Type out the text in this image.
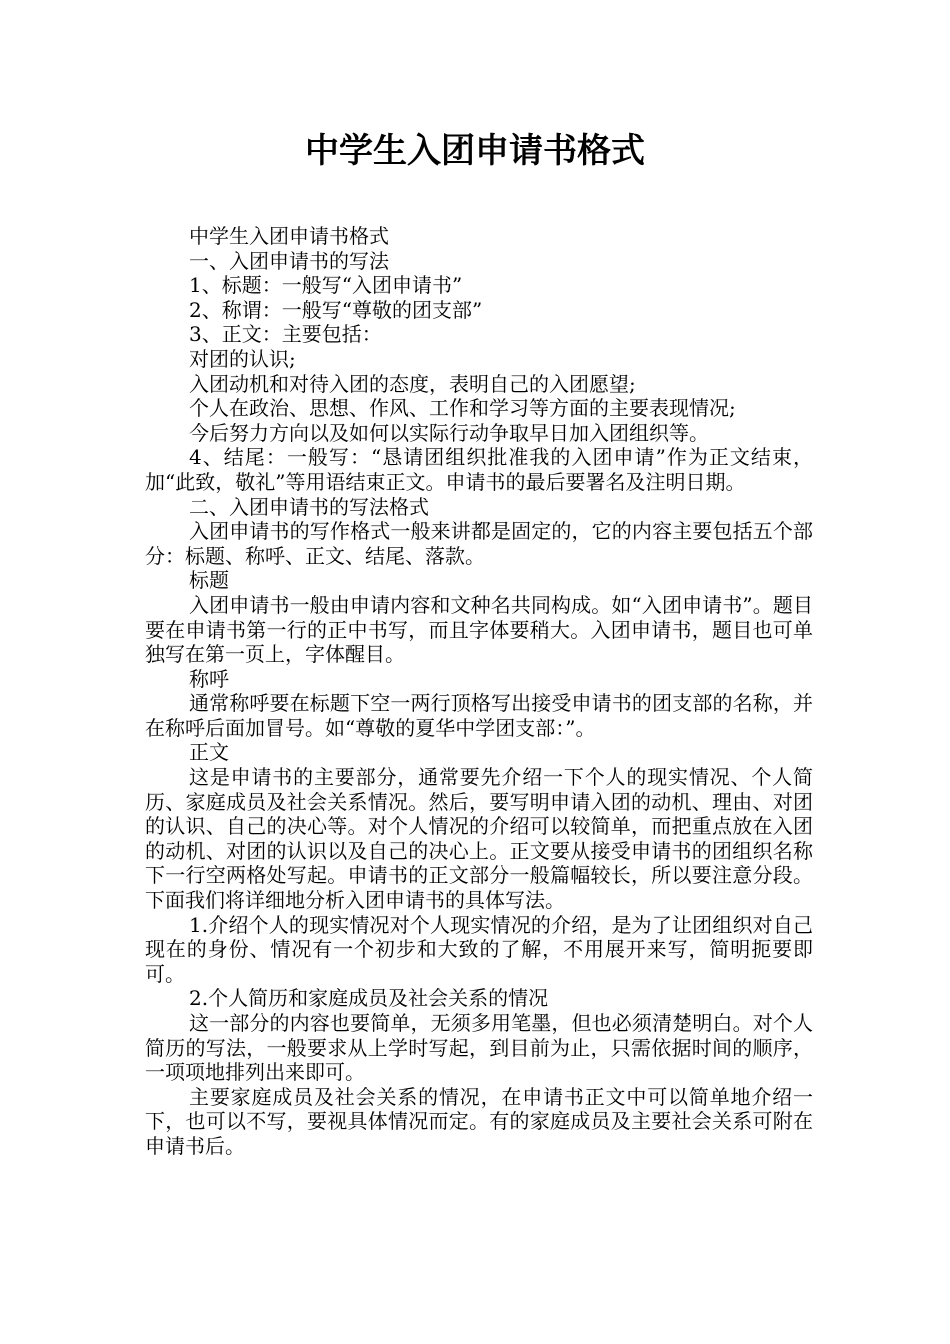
中学生入团申请书格式

中学生入团申请书格式

一、入团申请书的写法

1、标题：一般写“入团申请书”

2、称谓：一般写“尊敬的团支部”

3、正文：主要包括：

对团的认识;

入团动机和对待入团的态度，表明自己的入团愿望;

个人在政治、思想、作风、工作和学习等方面的主要表现情况;

今后努力方向以及如何以实际行动争取早日加入团组织等。

4、结尾：一般写：“恳请团组织批准我的入团申请”作为正文结束，加“此致，敬礼”等用语结束正文。申请书的最后要署名及注明日期。

二、入团申请书的写法格式

入团申请书的写作格式一般来讲都是固定的，它的内容主要包括五个部分：标题、称呼、正文、结尾、落款。

标题

入团申请书一般由申请内容和文种名共同构成。如“入团申请书”。题目要在申请书第一行的正中书写，而且字体要稍大。入团申请书，题目也可单独写在第一页上，字体醒目。

称呼

通常称呼要在标题下空一两行顶格写出接受申请书的团支部的名称，并在称呼后面加冒号。如“尊敬的夏华中学团支部：”。

正文

这是申请书的主要部分，通常要先介绍一下个人的现实情况、个人简历、家庭成员及社会关系情况。然后，要写明申请入团的动机、理由、对团的认识、自己的决心等。对个人情况的介绍可以较简单，而把重点放在入团的动机、对团的认识以及自己的决心上。正文要从接受申请书的团组织名称下一行空两格处写起。申请书的正文部分一般篇幅较长，所以要注意分段。下面我们将详细地分析入团申请书的具体写法。

1.介绍个人的现实情况对个人现实情况的介绍，是为了让团组织对自己现在的身份、情况有一个初步和大致的了解，不用展开来写，简明扼要即可。

2.个人简历和家庭成员及社会关系的情况

这一部分的内容也要简单，无须多用笔墨，但也必须清楚明白。对个人简历的写法，一般要求从上学时写起，到目前为止，只需依据时间的顺序，一项项地排列出来即可。

主要家庭成员及社会关系的情况，在申请书正文中可以简单地介绍一下，也可以不写，要视具体情况而定。有的家庭成员及主要社会关系可附在申请书后。
